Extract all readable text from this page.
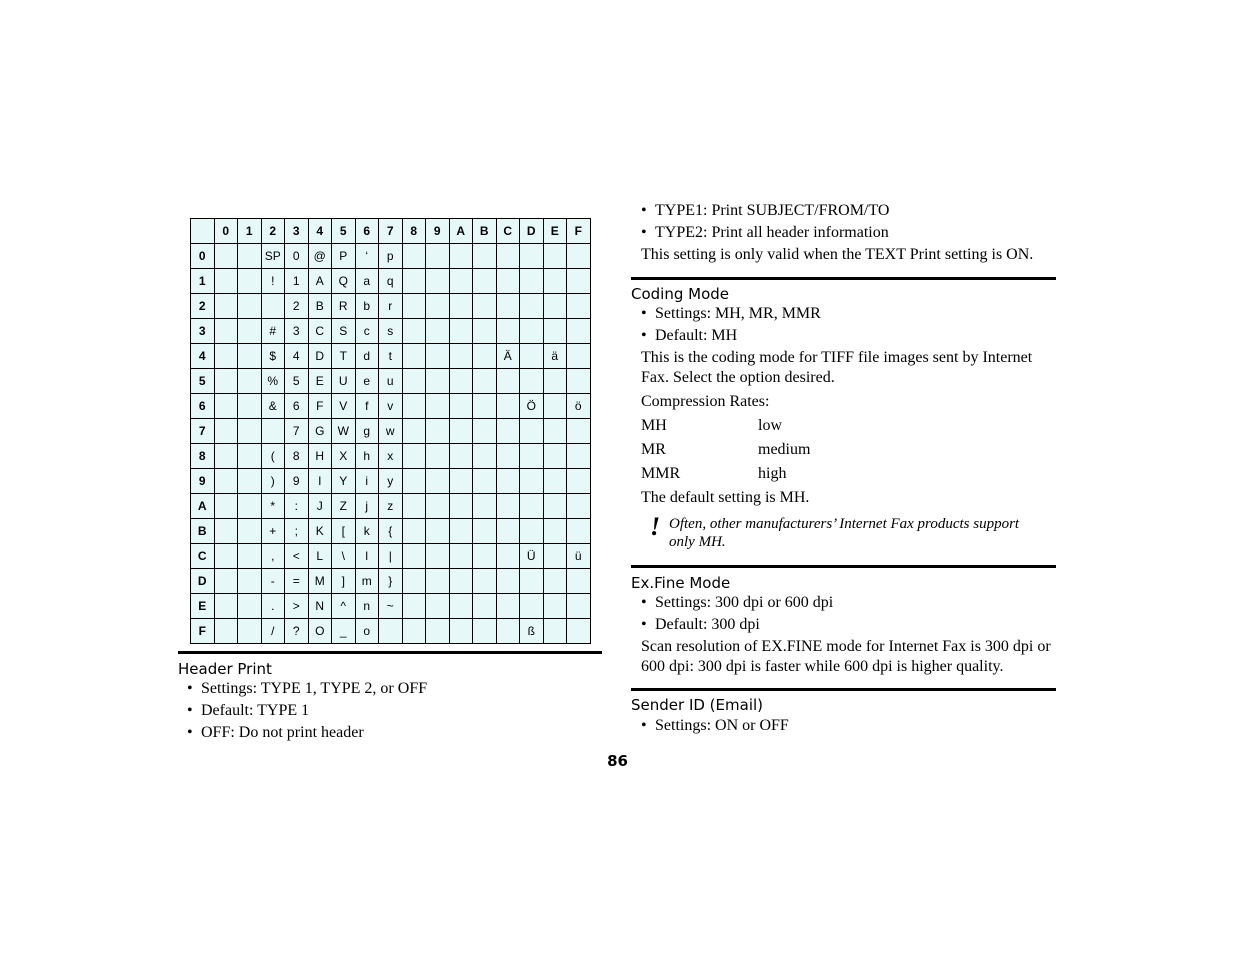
	0	1	2	3	4	5	6	7	8	9	A	B	C	D	E	F
0			SP	0	@	P	‘	p								
1			!	1	A	Q	a	q								
2				2	B	R	b	r								
3			#	3	C	S	c	s								
4			$	4	D	T	d	t					Ä		ä	
5			%	5	E	U	e	u								
6			&	6	F	V	f	v						Ö		ö
7				7	G	W	g	w								
8			(	8	H	X	h	x								
9			)	9	I	Y	i	y								
A			*	:	J	Z	j	z								
B			+	;	K	[	k	{								
C			,	<	L	\	l	|						Ü		ü
D			-	=	M	]	m	}								
E			.	>	N	^	n	~								
F			/	?	O	_	o							ß		
Header Print
• Settings: TYPE 1, TYPE 2, or OFF
• Default: TYPE 1
• OFF: Do not print header
• TYPE1: Print SUBJECT/FROM/TO
• TYPE2: Print all header information

This setting is only valid when the TEXT Print setting is ON.

Coding Mode
• Settings: MH, MR, MMR
• Default: MH

This is the coding mode for TIFF file images sent by Internet Fax. Select the option desired.

Compression Rates:

MH	low
MR	medium
MMR	high

The default setting is MH.

! Often, other manufacturers’ Internet Fax products support only MH.

Ex.Fine Mode
• Settings: 300 dpi or 600 dpi
• Default: 300 dpi

Scan resolution of EX.FINE mode for Internet Fax is 300 dpi or 600 dpi: 300 dpi is faster while 600 dpi is higher quality.

Sender ID (Email)
• Settings: ON or OFF
86
